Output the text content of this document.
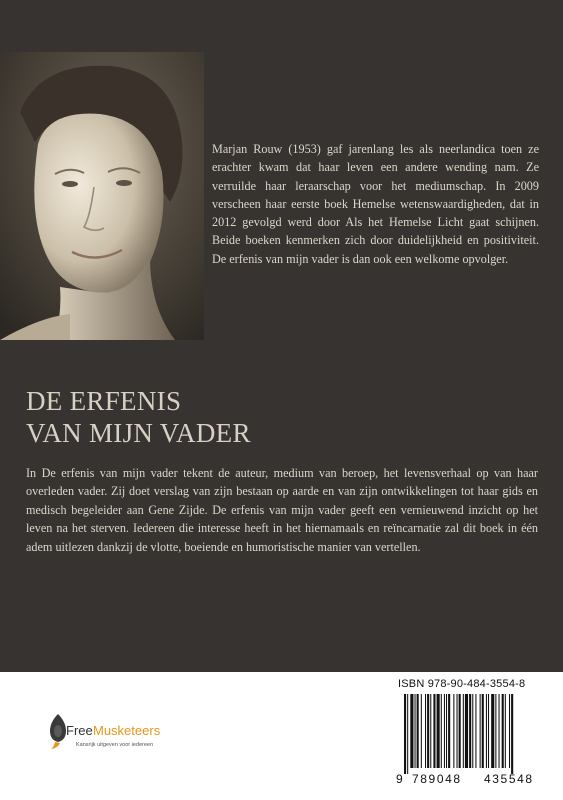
Marjan Rouw (1953) gaf jarenlang les als neerlandica toen ze erachter kwam dat haar leven een andere wending nam. Ze verruilde haar leraarschap voor het mediumschap. In 2009 verscheen haar eerste boek Hemelse wetenswaardigheden, dat in 2012 gevolgd werd door Als het Hemelse Licht gaat schijnen. Beide boeken kenmerken zich door duidelijkheid en positiviteit. De erfenis van mijn vader is dan ook een welkome opvolger.

DE ERFENIS
VAN MIJN VADER

In De erfenis van mijn vader tekent de auteur, medium van beroep, het levensverhaal op van haar overleden vader. Zij doet verslag van zijn bestaan op aarde en van zijn ontwikkelingen tot haar gids en medisch begeleider aan Gene Zijde. De erfenis van mijn vader geeft een vernieuwend inzicht op het leven na het sterven. Iedereen die interesse heeft in het hiernamaals en reïncarnatie zal dit boek in één adem uitlezen dankzij de vlotte, boeiende en humoristische manier van vertellen.

Free Musketeers
Kansrijk uitgeven voor iedereen
ISBN 978-90-484-3554-8
9 789048 435548
